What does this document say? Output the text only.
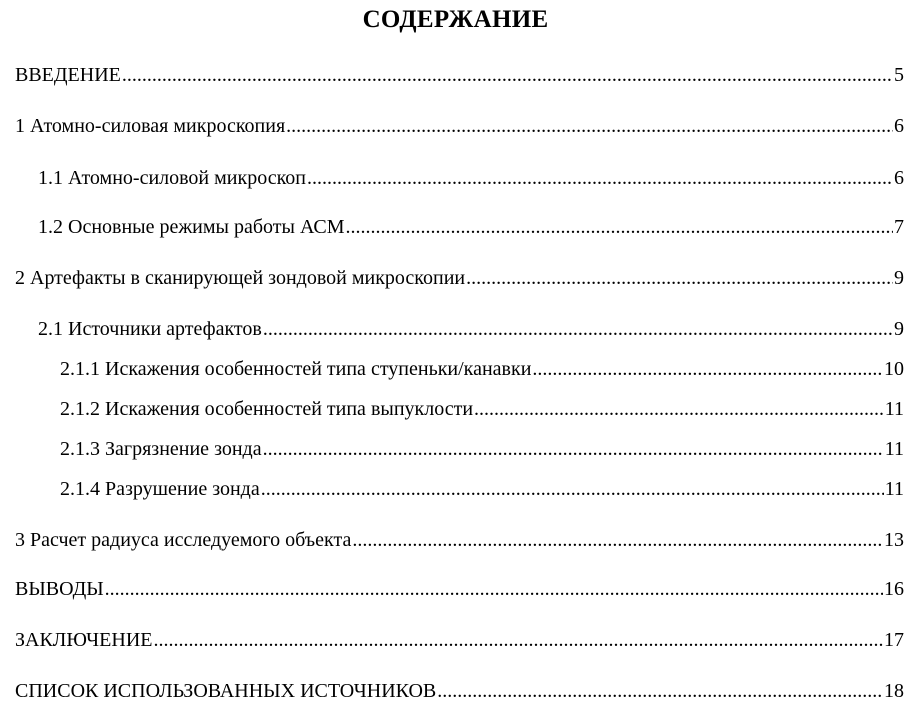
СОДЕРЖАНИЕ
ВВЕДЕНИЕ .....	5
1 Атомно-силовая микроскопия .....	6
1.1 Атомно-силовой микроскоп .....	6
1.2 Основные режимы работы АСМ .....	7
2 Артефакты в сканирующей зондовой микроскопии .....	9
2.1 Источники артефактов .....	9
2.1.1 Искажения особенностей типа ступеньки/канавки .....	10
2.1.2 Искажения особенностей типа выпуклости .....	11
2.1.3 Загрязнение зонда .....	11
2.1.4 Разрушение зонда .....	11
3 Расчет радиуса исследуемого объекта .....	13
ВЫВОДЫ .....	16
ЗАКЛЮЧЕНИЕ .....	17
СПИСОК ИСПОЛЬЗОВАННЫХ ИСТОЧНИКОВ .....	18
